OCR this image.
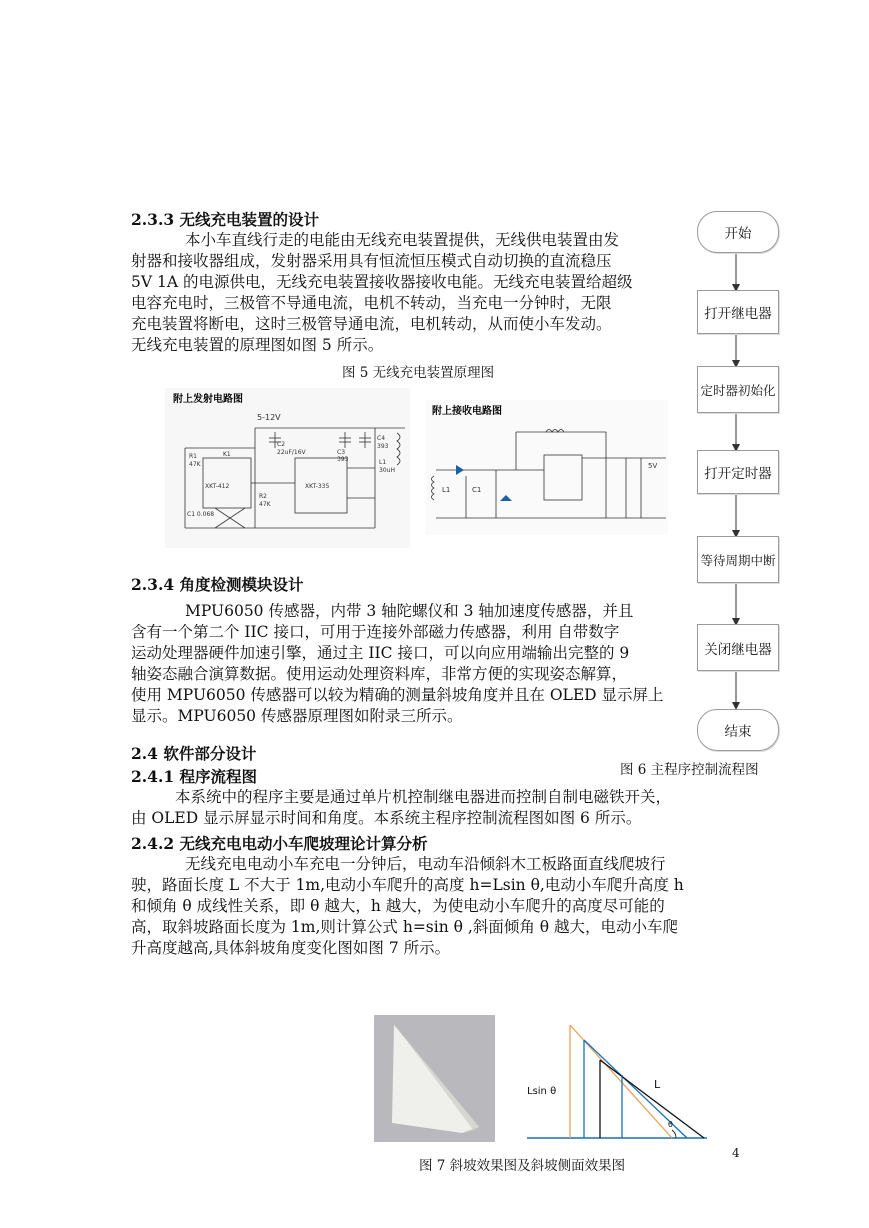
2.3.3 无线充电装置的设计
本小车直线行走的电能由无线充电装置提供，无线供电装置由发
射器和接收器组成，发射器采用具有恒流恒压模式自动切换的直流稳压
5V 1A 的电源供电，无线充电装置接收器接收电能。无线充电装置给超级
电容充电时，三极管不导通电流，电机不转动，当充电一分钟时，无限
充电装置将断电，这时三极管导通电流，电机转动，从而使小车发动。
无线充电装置的原理图如图 5 所示。
图 5 无线充电装置原理图
附上发射电路图
5-12V
C2
22uF/16V	C3
393
C4
393
L1
30uH
XKT-412	XKT-335
K1
R1
47K
R2
47K
C1 0.068
附上接收电路图
5V
L1	C1
2.3.4 角度检测模块设计
MPU6050 传感器，内带 3 轴陀螺仪和 3 轴加速度传感器，并且
含有一个第二个 IIC 接口，可用于连接外部磁力传感器，利用 自带数字
运动处理器硬件加速引擎，通过主 IIC 接口，可以向应用端输出完整的 9
轴姿态融合演算数据。使用运动处理资料库，非常方便的实现姿态解算，
使用 MPU6050 传感器可以较为精确的测量斜坡角度并且在 OLED 显示屏上
显示。MPU6050 传感器原理图如附录三所示。
2.4 软件部分设计
2.4.1 程序流程图
本系统中的程序主要是通过单片机控制继电器进而控制自制电磁铁开关，
由 OLED 显示屏显示时间和角度。本系统主程序控制流程图如图 6 所示。
2.4.2 无线充电电动小车爬坡理论计算分析
无线充电电动小车充电一分钟后，电动车沿倾斜木工板路面直线爬坡行
驶，路面长度 L 不大于 1m,电动小车爬升的高度 h=Lsin θ,电动小车爬升高度 h
和倾角 θ 成线性关系，即 θ 越大，h 越大，为使电动小车爬升的高度尽可能的
高，取斜坡路面长度为 1m,则计算公式 h=sin θ ,斜面倾角 θ 越大，电动小车爬
升高度越高,具体斜坡角度变化图如图 7 所示。
开始
打开继电器
定时器初始化
打开定时器
等待周期中断
关闭继电器
结束
图 6 主程序控制流程图
Lsin θ
L
θ
图 7 斜坡效果图及斜坡侧面效果图
4
